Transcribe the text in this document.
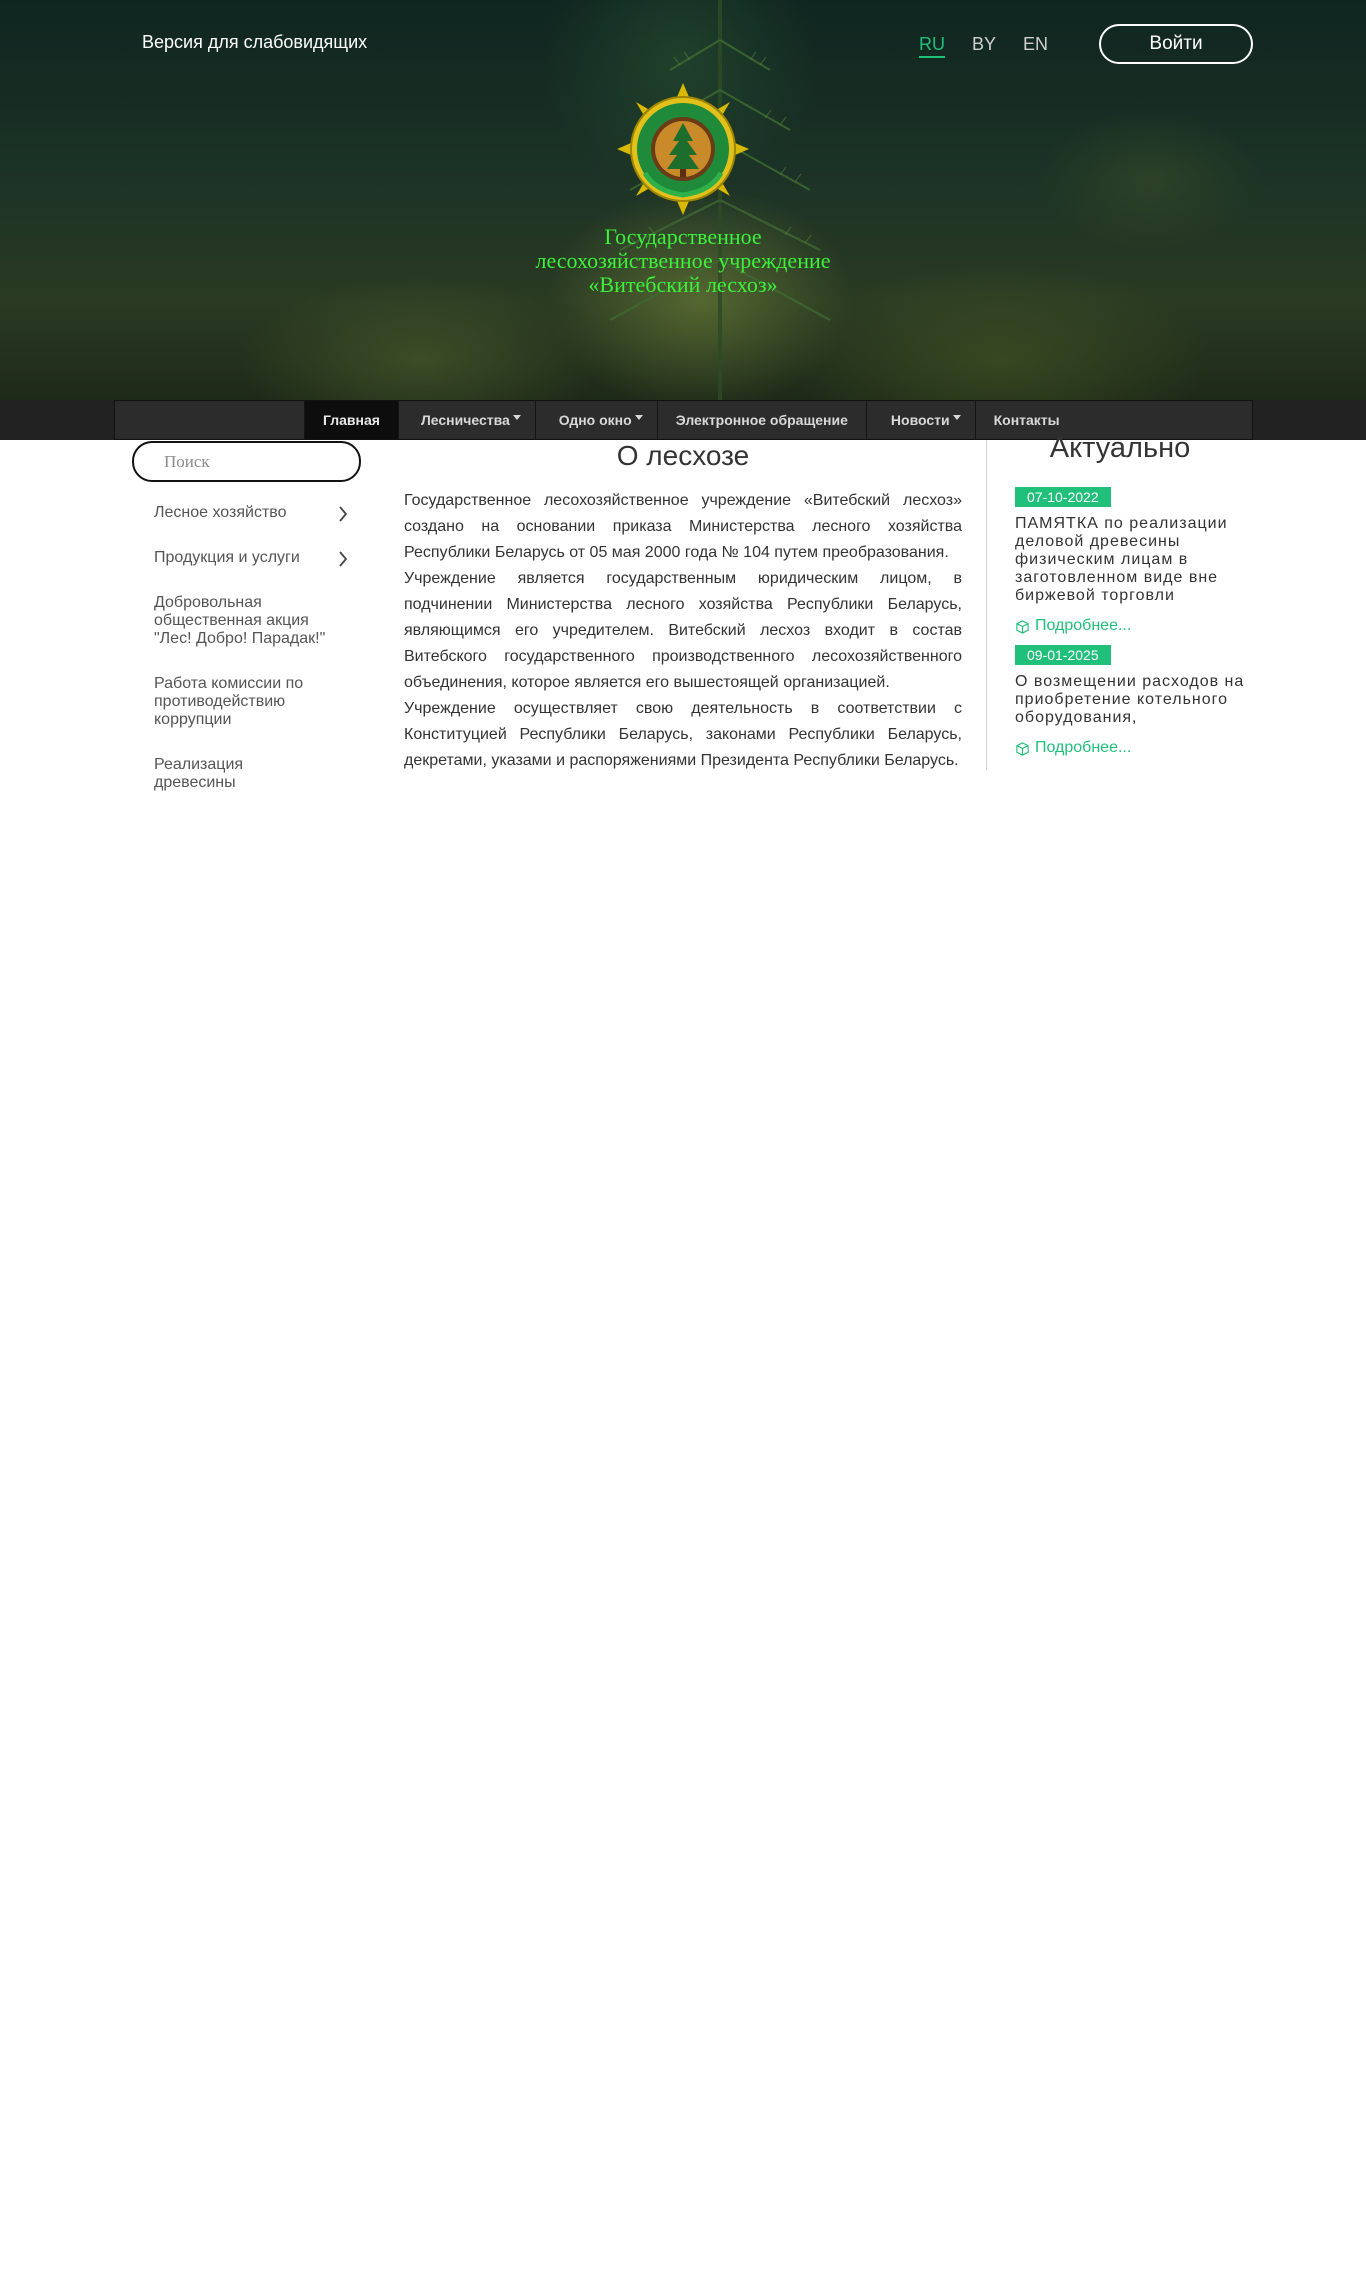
Версия для слабовидящих	RU BY EN	Войти
Государственное
лесохозяйственное учреждение
«Витебский лесхоз»
Главная	Лесничества	Одно окно	Электронное обращение	Новости	Контакты
Поиск
Лесное хозяйство
Продукция и услуги
Добровольная общественная акция "Лес! Добро! Парадак!"
Работа комиссии по противодействию коррупции
Реализация древесины
О лесхозе

Государственное лесохозяйственное учреждение «Витебский лесхоз» создано на основании приказа Министерства лесного хозяйства Республики Беларусь от 05 мая 2000 года № 104 путем преобразования.

Учреждение является государственным юридическим лицом, в подчинении Министерства лесного хозяйства Республики Беларусь, являющимся его учредителем. Витебский лесхоз входит в состав Витебского государственного производственного лесохозяйственного объединения, которое является его вышестоящей организацией.

Учреждение осуществляет свою деятельность в соответствии с Конституцией Республики Беларусь, законами Республики Беларусь, декретами, указами и распоряжениями Президента Республики Беларусь.

Актуально
07-10-2022
ПАМЯТКА по реализации деловой древесины физическим лицам в заготовленном виде вне биржевой торговли
Подробнее...
09-01-2025
О возмещении расходов на приобретение котельного оборудования,
Подробнее...
